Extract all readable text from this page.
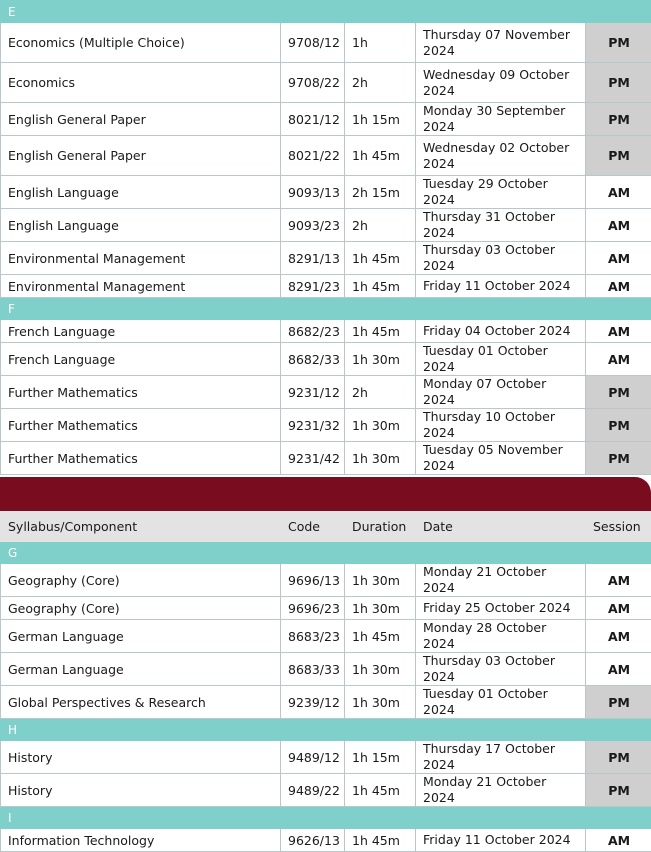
E				
Economics (Multiple Choice)	9708/12	1h	Thursday 07 November 2024	PM
Economics	9708/22	2h	Wednesday 09 October 2024	PM
English General Paper	8021/12	1h 15m	Monday 30 September 2024	PM
English General Paper	8021/22	1h 45m	Wednesday 02 October 2024	PM
English Language	9093/13	2h 15m	Tuesday 29 October 2024	AM
English Language	9093/23	2h	Thursday 31 October 2024	AM
Environmental Management	8291/13	1h 45m	Thursday 03 October 2024	AM
Environmental Management	8291/23	1h 45m	Friday 11 October 2024	AM
F				
French Language	8682/23	1h 45m	Friday 04 October 2024	AM
French Language	8682/33	1h 30m	Tuesday 01 October 2024	AM
Further Mathematics	9231/12	2h	Monday 07 October 2024	PM
Further Mathematics	9231/32	1h 30m	Thursday 10 October 2024	PM
Further Mathematics	9231/42	1h 30m	Tuesday 05 November 2024	PM
Syllabus/Component	Code	Duration	Date	Session
G				
Geography (Core)	9696/13	1h 30m	Monday 21 October 2024	AM
Geography (Core)	9696/23	1h 30m	Friday 25 October 2024	AM
German Language	8683/23	1h 45m	Monday 28 October 2024	AM
German Language	8683/33	1h 30m	Thursday 03 October 2024	AM
Global Perspectives & Research	9239/12	1h 30m	Tuesday 01 October 2024	PM
H				
History	9489/12	1h 15m	Thursday 17 October 2024	PM
History	9489/22	1h 45m	Monday 21 October 2024	PM
I				
Information Technology	9626/13	1h 45m	Friday 11 October 2024	AM
